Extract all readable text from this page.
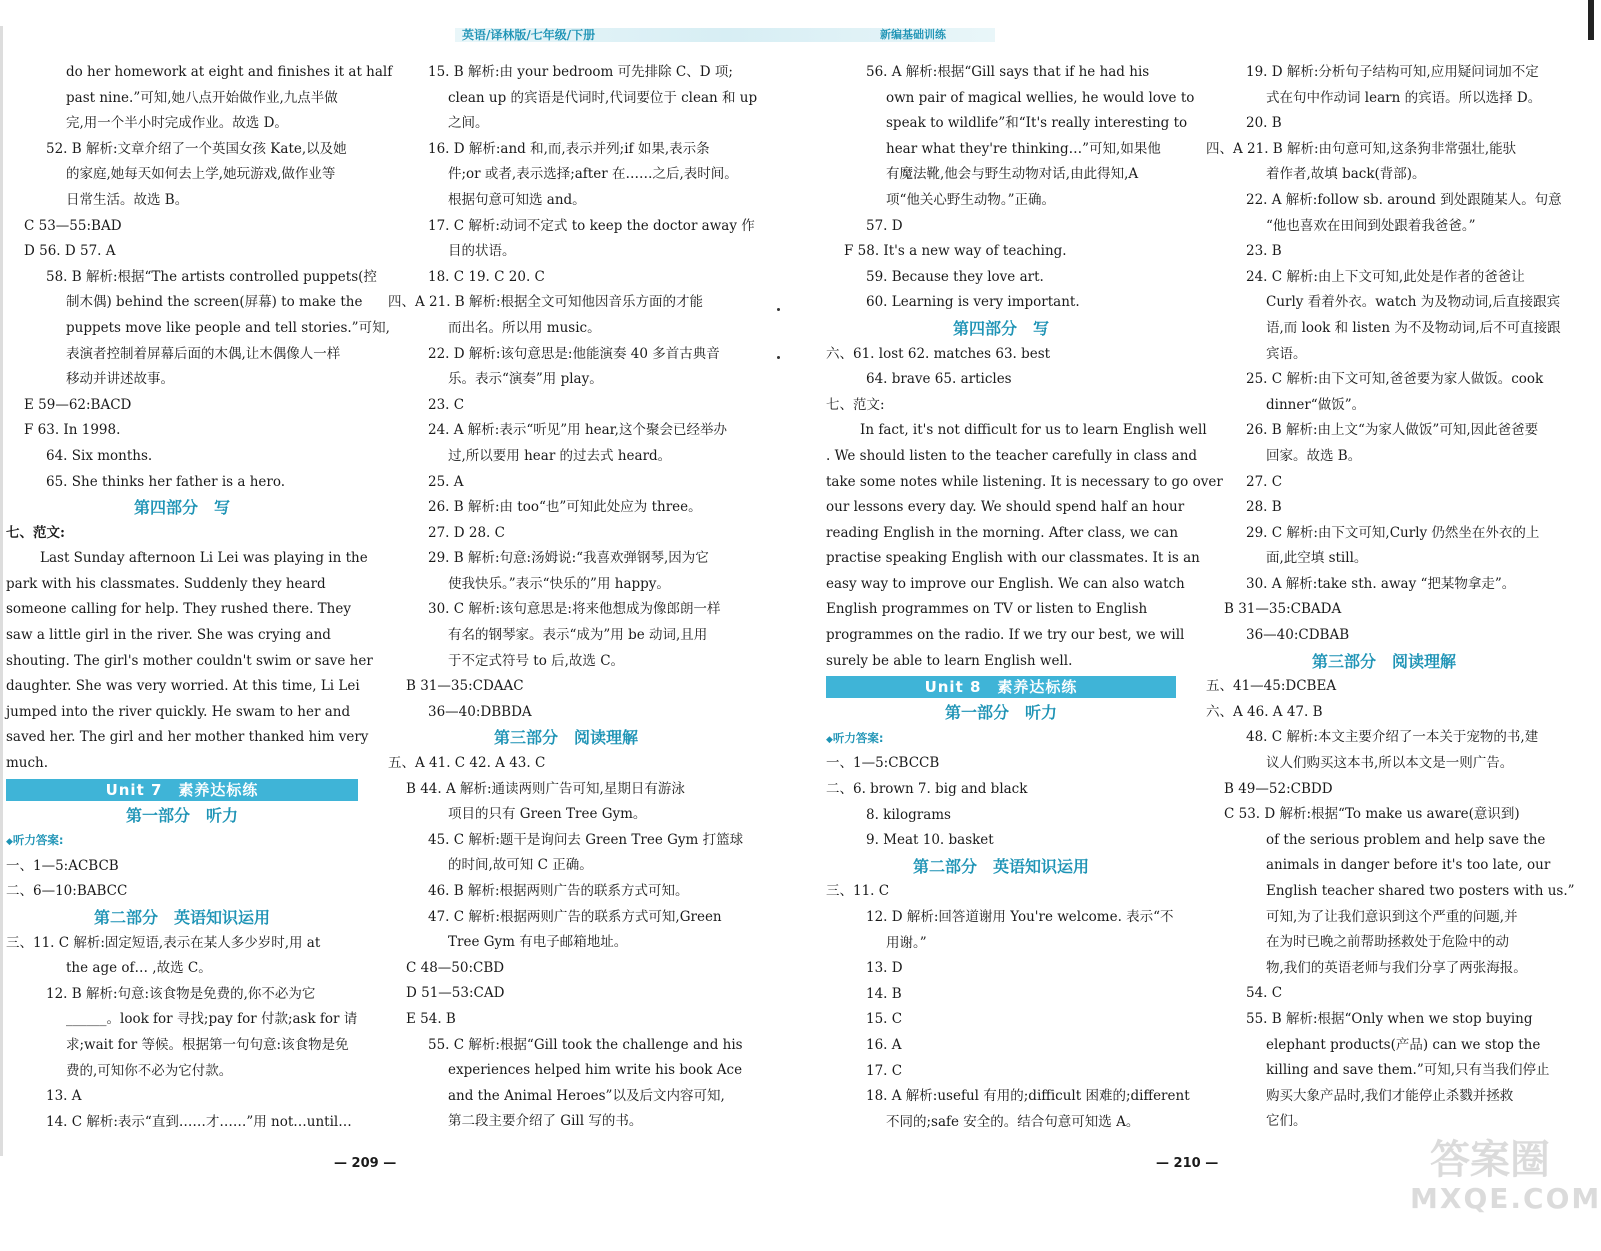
英语/译林版/七年级/下册	新编基础训练
do her homework at eight and finishes it at half
past nine.”可知,她八点开始做作业,九点半做
完,用一个半小时完成作业。故选 D。
52. B 解析:文章介绍了一个英国女孩 Kate,以及她
的家庭,她每天如何去上学,她玩游戏,做作业等
日常生活。故选 B。
C 53—55:BAD
D 56. D 57. A
58. B 解析:根据“The artists controlled puppets(控
制木偶) behind the screen(屏幕) to make the
puppets move like people and tell stories.”可知,
表演者控制着屏幕后面的木偶,让木偶像人一样
移动并讲述故事。
E 59—62:BACD
F 63. In 1998.
64. Six months.
65. She thinks her father is a hero.
第四部分　写
七、范文:
Last Sunday afternoon Li Lei was playing in the
park with his classmates. Suddenly they heard
someone calling for help. They rushed there. They
saw a little girl in the river. She was crying and
shouting. The girl's mother couldn't swim or save her
daughter. She was very worried. At this time, Li Lei
jumped into the river quickly. He swam to her and
saved her. The girl and her mother thanked him very
much.
Unit 7　素养达标练
第一部分　听力
◆ 听力答案:
一、1—5:ACBCB
二、6—10:BABCC
第二部分　英语知识运用
三、11. C 解析:固定短语,表示在某人多少岁时,用 at
the age of… ,故选 C。
12. B 解析:句意:该食物是免费的,你不必为它
______。look for 寻找;pay for 付款;ask for 请
求;wait for 等候。根据第一句句意:该食物是免
费的,可知你不必为它付款。
13. A
14. C 解析:表示“直到……才……”用 not…until…
15. B 解析:由 your bedroom 可先排除 C、D 项;
clean up 的宾语是代词时,代词要位于 clean 和 up
之间。
16. D 解析:and 和,而,表示并列;if 如果,表示条
件;or 或者,表示选择;after 在……之后,表时间。
根据句意可知选 and。
17. C 解析:动词不定式 to keep the doctor away 作
目的状语。
18. C 19. C 20. C
四、A 21. B 解析:根据全文可知他因音乐方面的才能
而出名。所以用 music。
22. D 解析:该句意思是:他能演奏 40 多首古典音
乐。表示“演奏”用 play。
23. C
24. A 解析:表示“听见”用 hear,这个聚会已经举办
过,所以要用 hear 的过去式 heard。
25. A
26. B 解析:由 too“也”可知此处应为 three。
27. D 28. C
29. B 解析:句意:汤姆说:“我喜欢弹钢琴,因为它
使我快乐。”表示“快乐的”用 happy。
30. C 解析:该句意思是:将来他想成为像郎朗一样
有名的钢琴家。表示“成为”用 be 动词,且用
于不定式符号 to 后,故选 C。
B 31—35:CDAAC
36—40:DBBDA
第三部分　阅读理解
五、A 41. C 42. A 43. C
B 44. A 解析:通读两则广告可知,星期日有游泳
项目的只有 Green Tree Gym。
45. C 解析:题干是询问去 Green Tree Gym 打篮球
的时间,故可知 C 正确。
46. B 解析:根据两则广告的联系方式可知。
47. C 解析:根据两则广告的联系方式可知,Green
Tree Gym 有电子邮箱地址。
C 48—50:CBD
D 51—53:CAD
E 54. B
55. C 解析:根据“Gill took the challenge and his
experiences helped him write his book Ace
and the Animal Heroes”以及后文内容可知,
第二段主要介绍了 Gill 写的书。
56. A 解析:根据“Gill says that if he had his
own pair of magical wellies, he would love to
speak to wildlife”和“It's really interesting to
hear what they're thinking…”可知,如果他
有魔法靴,他会与野生动物对话,由此得知,A
项“他关心野生动物。”正确。
57. D
F 58. It's a new way of teaching.
59. Because they love art.
60. Learning is very important.
第四部分　写
六、61. lost 62. matches 63. best
64. brave 65. articles
七、范文:
In fact, it's not difficult for us to learn English well
. We should listen to the teacher carefully in class and
take some notes while listening. It is necessary to go over
our lessons every day. We should spend half an hour
reading English in the morning. After class, we can
practise speaking English with our classmates. It is an
easy way to improve our English. We can also watch
English programmes on TV or listen to English
programmes on the radio. If we try our best, we will
surely be able to learn English well.
Unit 8　素养达标练
第一部分　听力
◆ 听力答案:
一、1—5:CBCCB
二、6. brown 7. big and black
8. kilograms
9. Meat 10. basket
第二部分　英语知识运用
三、11. C
12. D 解析:回答道谢用 You're welcome. 表示“不
用谢。”
13. D
14. B
15. C
16. A
17. C
18. A 解析:useful 有用的;difficult 困难的;different
不同的;safe 安全的。结合句意可知选 A。
19. D 解析:分析句子结构可知,应用疑问词加不定
式在句中作动词 learn 的宾语。所以选择 D。
20. B
四、A 21. B 解析:由句意可知,这条狗非常强壮,能驮
着作者,故填 back(背部)。
22. A 解析:follow sb. around 到处跟随某人。句意
“他也喜欢在田间到处跟着我爸爸。”
23. B
24. C 解析:由上下文可知,此处是作者的爸爸让
Curly 看着外衣。watch 为及物动词,后直接跟宾
语,而 look 和 listen 为不及物动词,后不可直接跟
宾语。
25. C 解析:由下文可知,爸爸要为家人做饭。cook
dinner“做饭”。
26. B 解析:由上文“为家人做饭”可知,因此爸爸要
回家。故选 B。
27. C
28. B
29. C 解析:由下文可知,Curly 仍然坐在外衣的上
面,此空填 still。
30. A 解析:take sth. away “把某物拿走”。
B 31—35:CBADA
36—40:CDBAB
第三部分　阅读理解
五、41—45:DCBEA
六、A 46. A 47. B
48. C 解析:本文主要介绍了一本关于宠物的书,建
议人们购买这本书,所以本文是一则广告。
B 49—52:CBDD
C 53. D 解析:根据“To make us aware(意识到)
of the serious problem and help save the
animals in danger before it's too late, our
English teacher shared two posters with us.”
可知,为了让我们意识到这个严重的问题,并
在为时已晚之前帮助拯救处于危险中的动
物,我们的英语老师与我们分享了两张海报。
54. C
55. B 解析:根据“Only when we stop buying
elephant products(产品) can we stop the
killing and save them.”可知,只有当我们停止
购买大象产品时,我们才能停止杀戮并拯救
它们。
— 209 —	— 210 —	答案圈
MXQE.COM
